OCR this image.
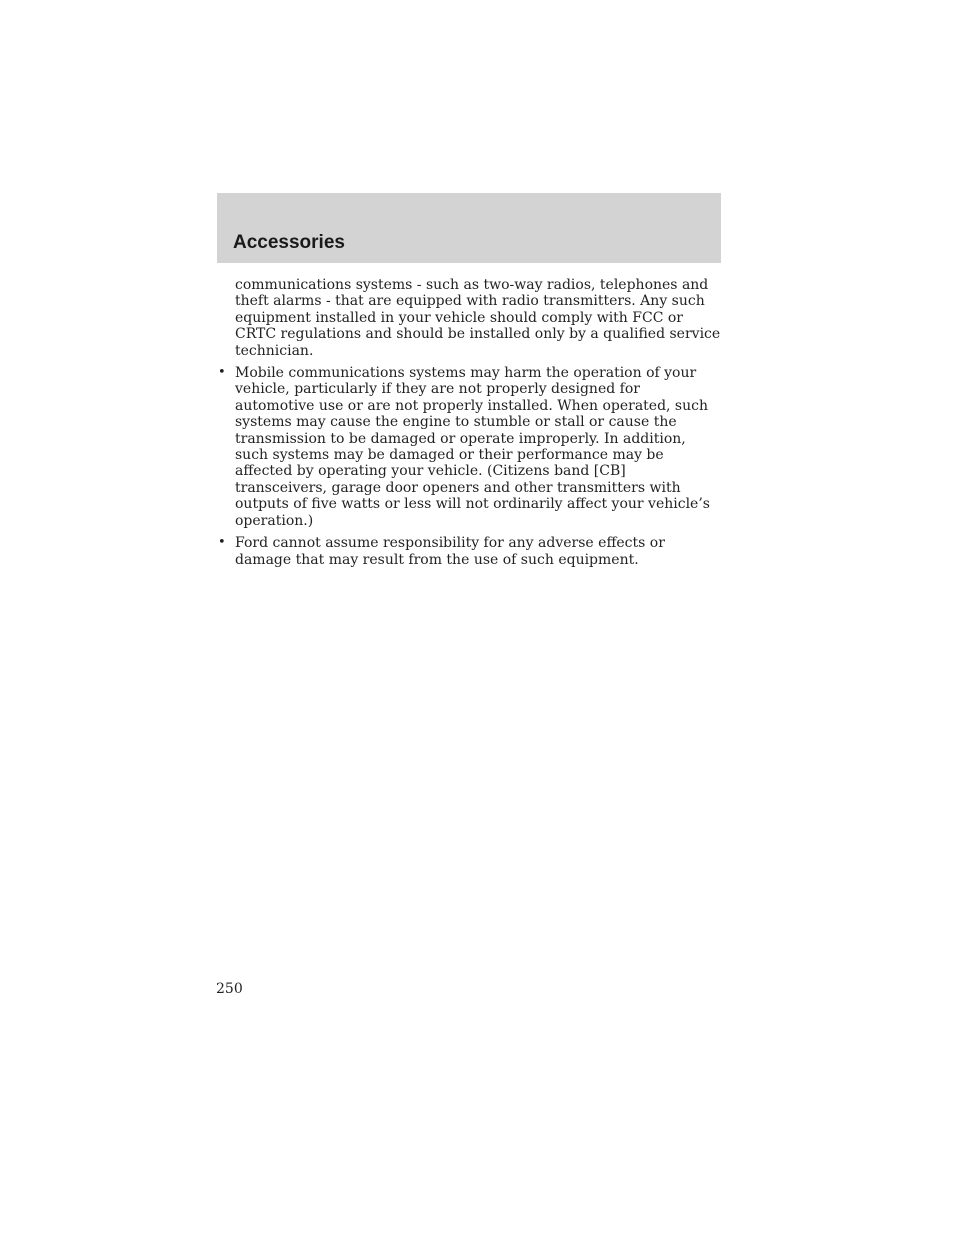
Accessories

communications systems - such as two-way radios, telephones and theft alarms - that are equipped with radio transmitters. Any such equipment installed in your vehicle should comply with FCC or CRTC regulations and should be installed only by a qualified service technician.

• Mobile communications systems may harm the operation of your vehicle, particularly if they are not properly designed for automotive use or are not properly installed. When operated, such systems may cause the engine to stumble or stall or cause the transmission to be damaged or operate improperly. In addition, such systems may be damaged or their performance may be affected by operating your vehicle. (Citizens band [CB] transceivers, garage door openers and other transmitters with outputs of five watts or less will not ordinarily affect your vehicle’s operation.)

• Ford cannot assume responsibility for any adverse effects or damage that may result from the use of such equipment.

250
